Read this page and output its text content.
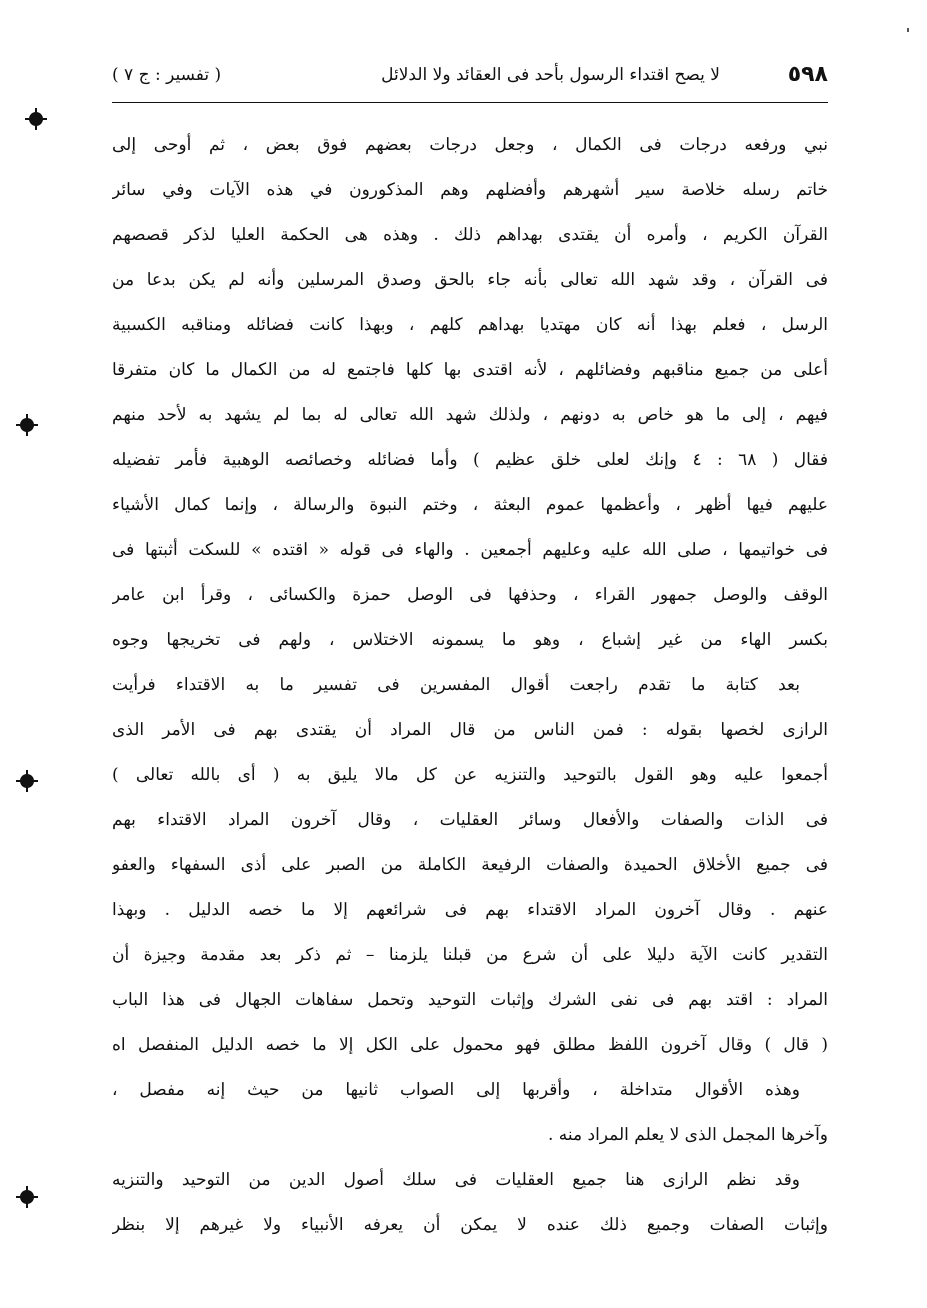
٥٩٨
لا يصح اقتداء الرسول بأحد فى العقائد ولا الدلائل
( تفسير : ج ٧ )
نبي ورفعه درجات فى الكمال ، وجعل درجات بعضهم فوق بعض ، ثم أوحى إلى
خاتم رسله خلاصة سير أشهرهم وأفضلهم وهم المذكورون في هذه الآيات وفي سائر
القرآن الكريم ، وأمره أن يقتدى بهداهم ذلك . وهذه هى الحكمة العليا لذكر قصصهم
فى القرآن ، وقد شهد الله تعالى بأنه جاء بالحق وصدق المرسلين وأنه لم يكن بدعا من
الرسل ، فعلم بهذا أنه كان مهتديا بهداهم كلهم ، وبهذا كانت فضائله ومناقبه الكسبية
أعلى من جميع مناقبهم وفضائلهم ، لأنه اقتدى بها كلها فاجتمع له من الكمال ما كان متفرقا
فيهم ، إلى ما هو خاص به دونهم ، ولذلك شهد الله تعالى له بما لم يشهد به لأحد منهم
فقال ( ٦٨ : ٤ وإنك لعلى خلق عظيم ) وأما فضائله وخصائصه الوهبية فأمر تفضيله
عليهم فيها أظهر ، وأعظمها عموم البعثة ، وختم النبوة والرسالة ، وإنما كمال الأشياء
فى خواتيمها ، صلى الله عليه وعليهم أجمعين . والهاء فى قوله « اقتده » للسكت أثبتها فى
الوقف والوصل جمهور القراء ، وحذفها فى الوصل حمزة والكسائى ، وقرأ ابن عامر
بكسر الهاء من غير إشباع ، وهو ما يسمونه الاختلاس ، ولهم فى تخريجها وجوه
بعد كتابة ما تقدم راجعت أقوال المفسرين فى تفسير ما به الاقتداء فرأيت
الرازى لخصها بقوله : فمن الناس من قال المراد أن يقتدى بهم فى الأمر الذى
أجمعوا عليه وهو القول بالتوحيد والتنزيه عن كل مالا يليق به ( أى بالله تعالى )
فى الذات والصفات والأفعال وسائر العقليات ، وقال آخرون المراد الاقتداء بهم
فى جميع الأخلاق الحميدة والصفات الرفيعة الكاملة من الصبر على أذى السفهاء والعفو
عنهم . وقال آخرون المراد الاقتداء بهم فى شرائعهم إلا ما خصه الدليل . وبهذا
التقدير كانت الآية دليلا على أن شرع من قبلنا يلزمنا – ثم ذكر بعد مقدمة وجيزة أن
المراد : اقتد بهم فى نفى الشرك وإثبات التوحيد وتحمل سفاهات الجهال فى هذا الباب
( قال ) وقال آخرون اللفظ مطلق فهو محمول على الكل إلا ما خصه الدليل المنفصل اه
وهذه الأقوال متداخلة ، وأقربها إلى الصواب ثانيها من حيث إنه مفصل ،
وآخرها المجمل الذى لا يعلم المراد منه .
وقد نظم الرازى هنا جميع العقليات فى سلك أصول الدين من التوحيد والتنزيه
وإثبات الصفات وجميع ذلك عنده لا يمكن أن يعرفه الأنبياء ولا غيرهم إلا بنظر
